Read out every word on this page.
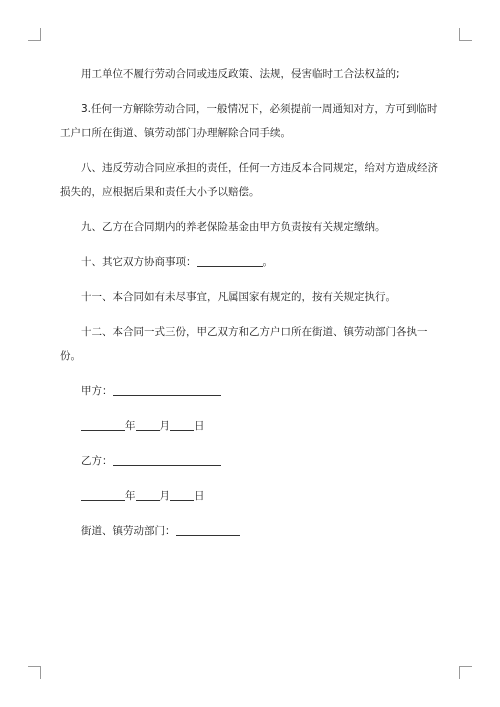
用工单位不履行劳动合同或违反政策、法规，侵害临时工合法权益的;

3.任何一方解除劳动合同，一般情况下，必须提前一周通知对方，方可到临时工户口所在街道、镇劳动部门办理解除合同手续。

八、违反劳动合同应承担的责任，任何一方违反本合同规定，给对方造成经济损失的，应根据后果和责任大小予以赔偿。

九、乙方在合同期内的养老保险基金由甲方负责按有关规定缴纳。

十、其它双方协商事项：	。

十一、本合同如有未尽事宜，凡属国家有规定的，按有关规定执行。

十二、本合同一式三份，甲乙双方和乙方户口所在街道、镇劳动部门各执一份。

甲方：

年 月 日

乙方：

年 月 日

街道、镇劳动部门：
